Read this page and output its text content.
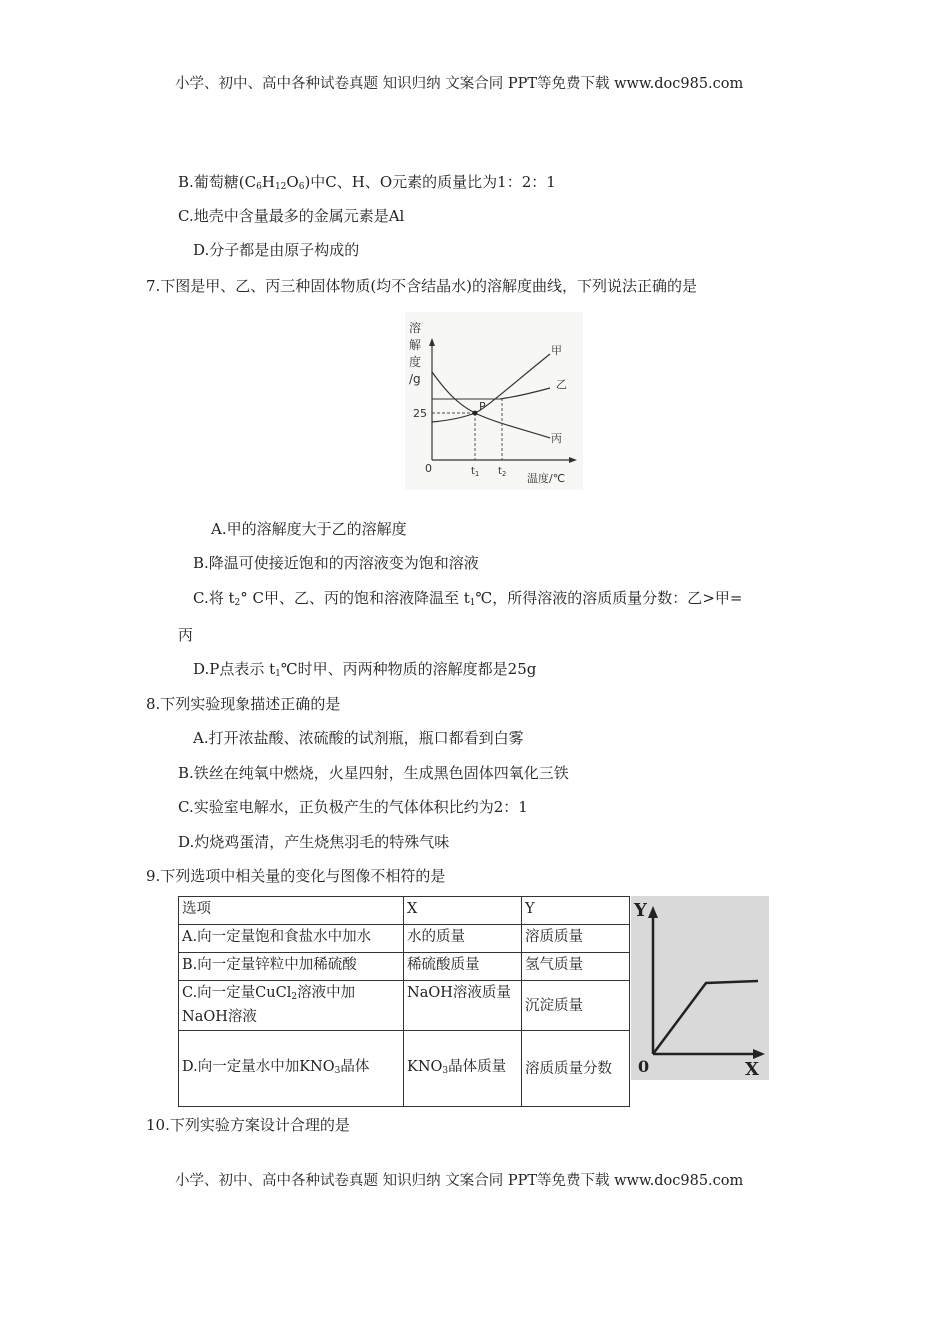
小学、初中、高中各种试卷真题 知识归纳 文案合同 PPT等免费下载 www.doc985.com
B.葡萄糖$(C_6H_{12}O_6)$中C、H、O元素的质量比为1：2：1
C.地壳中含量最多的金属元素是Al
D.分子都是由原子构成的
7.下图是甲、乙、丙三种固体物质(均不含结晶水)的溶解度曲线，下列说法正确的是
溶
解
度
/g
25
P
甲
乙
丙
0	$t_1$ $t_2$ 温度/℃
A.甲的溶解度大于乙的溶解度
B.降温可使接近饱和的丙溶液变为饱和溶液
C.将 $t_2^\circ$ C甲、乙、丙的饱和溶液降温至 $t_1℃$，所得溶液的溶质质量分数：乙>甲=
丙
D.P点表示 $t_1℃$时甲、丙两种物质的溶解度都是25g
8.下列实验现象描述正确的是
A.打开浓盐酸、浓硫酸的试剂瓶，瓶口都看到白雾
B.铁丝在纯氧中燃烧，火星四射，生成黑色固体四氧化三铁
C.实验室电解水，正负极产生的气体体积比约为2：1
D.灼烧鸡蛋清，产生烧焦羽毛的特殊气味
9.下列选项中相关量的变化与图像不相符的是
选项	X	Y
A.向一定量饱和食盐水中加水	水的质量	溶质质量
B.向一定量锌粒中加稀硫酸	稀硫酸质量	氢气质量
C.向一定量CuCl$_2$溶液中加
NaOH溶液	NaOH溶液质量	沉淀质量
D.向一定量水中加$KNO_3$晶体	$KNO_3$晶体质量	溶质质量分数
Y
0	X
10.下列实验方案设计合理的是
小学、初中、高中各种试卷真题 知识归纳 文案合同 PPT等免费下载 www.doc985.com
